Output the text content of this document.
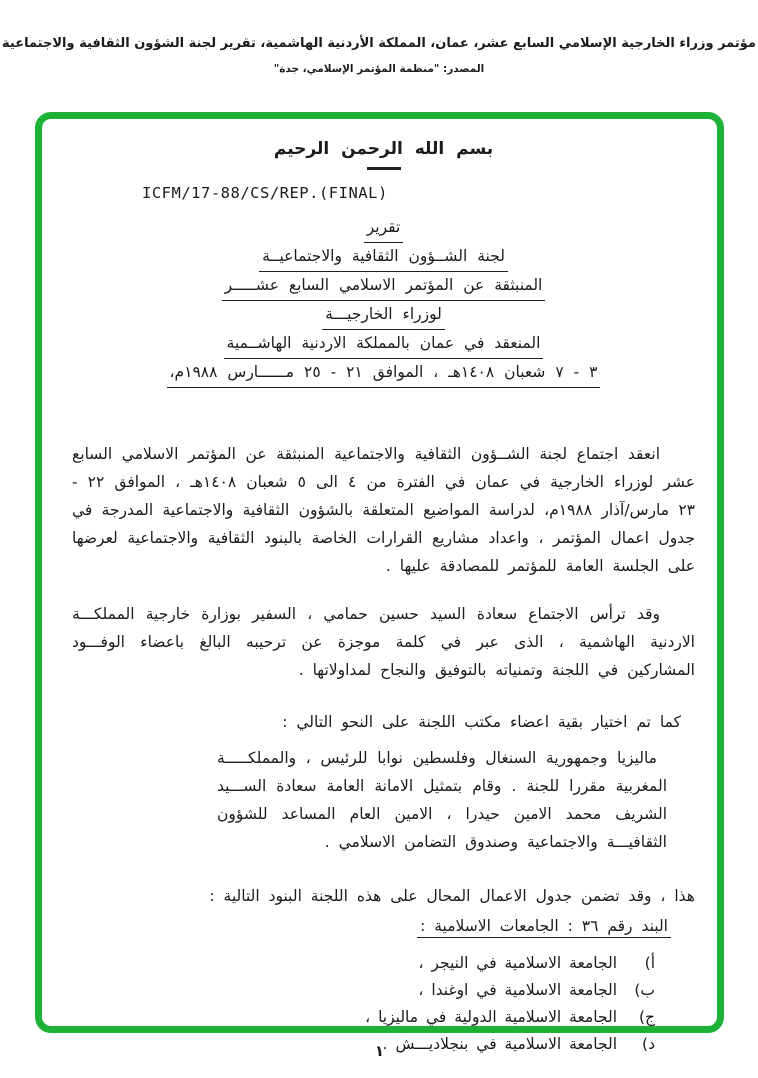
مؤتمر وزراء الخارجية الإسلامي السابع عشر، عمان، المملكة الأردنية الهاشمية، تقرير لجنة الشؤون الثقافية والاجتماعية
المصدر: "منظمة المؤتمر الإسلامي، جدة"
بسم الله الرحمن الرحيم
ICFM/17-88/CS/REP.(FINAL)
تقرير
لجنة الشــؤون الثقافية والاجتماعيــة
المنبثقة عن المؤتمر الاسلامي السابع عشـــــر
لوزراء الخارجيـــة
المنعقد في عمان بالمملكة الاردنية الهاشــمية
٣ - ٧ شعبان ١٤٠٨هـ ، الموافق ٢١ - ٢٥ مــــــارس ١٩٨٨م،

انعقد اجتماع لجنة الشــؤون الثقافية والاجتماعية المنبثقة عن المؤتمر الاسلامي السابع عشر لوزراء الخارجية في عمان في الفترة من ٤ الى ٥ شعبان ١٤٠٨هـ ، الموافق ٢٢ - ٢٣ مارس/آذار ١٩٨٨م، لدراسة المواضيع المتعلقة بالشؤون الثقافية والاجتماعية المدرجة في جدول اعمال المؤتمر ، واعداد مشاريع القرارات الخاصة بالبنود الثقافية والاجتماعية لعرضها على الجلسة العامة للمؤتمر للمصادقة عليها .

وقد ترأس الاجتماع سعادة السيد حسين حمامي ، السفير بوزارة خارجية المملكـــة الاردنية الهاشمية ، الذى عبر في كلمة موجزة عن ترحيبه البالغ باعضاء الوفـــود المشاركين في اللجنة وتمنياته بالتوفيق والنجاح لمداولاتها .

كما تم اختيار بقية اعضاء مكتب اللجنة على النحو التالي :

ماليزيا وجمهورية السنغال وفلسطين نوابا للرئيس ، والمملكـــــة المغربية مقررا للجنة . وقام بتمثيل الامانة العامة سعادة الســـيد الشريف محمد الامين حيدرا ، الامين العام المساعد للشؤون الثقافيـــة والاجتماعية وصندوق التضامن الاسلامي .

هذا ، وقد تضمن جدول الاعمال المحال على هذه اللجنة البنود التالية :

البند رقم ٣٦ : الجامعات الاسلامية :
أ)
الجامعة الاسلامية في النيجر ،
ب)
الجامعة الاسلامية في اوغندا ،
ج)
الجامعة الاسلامية الدولية في ماليزيا ،
د)
الجامعة الاسلامية في بنجلاديـــش .
١
